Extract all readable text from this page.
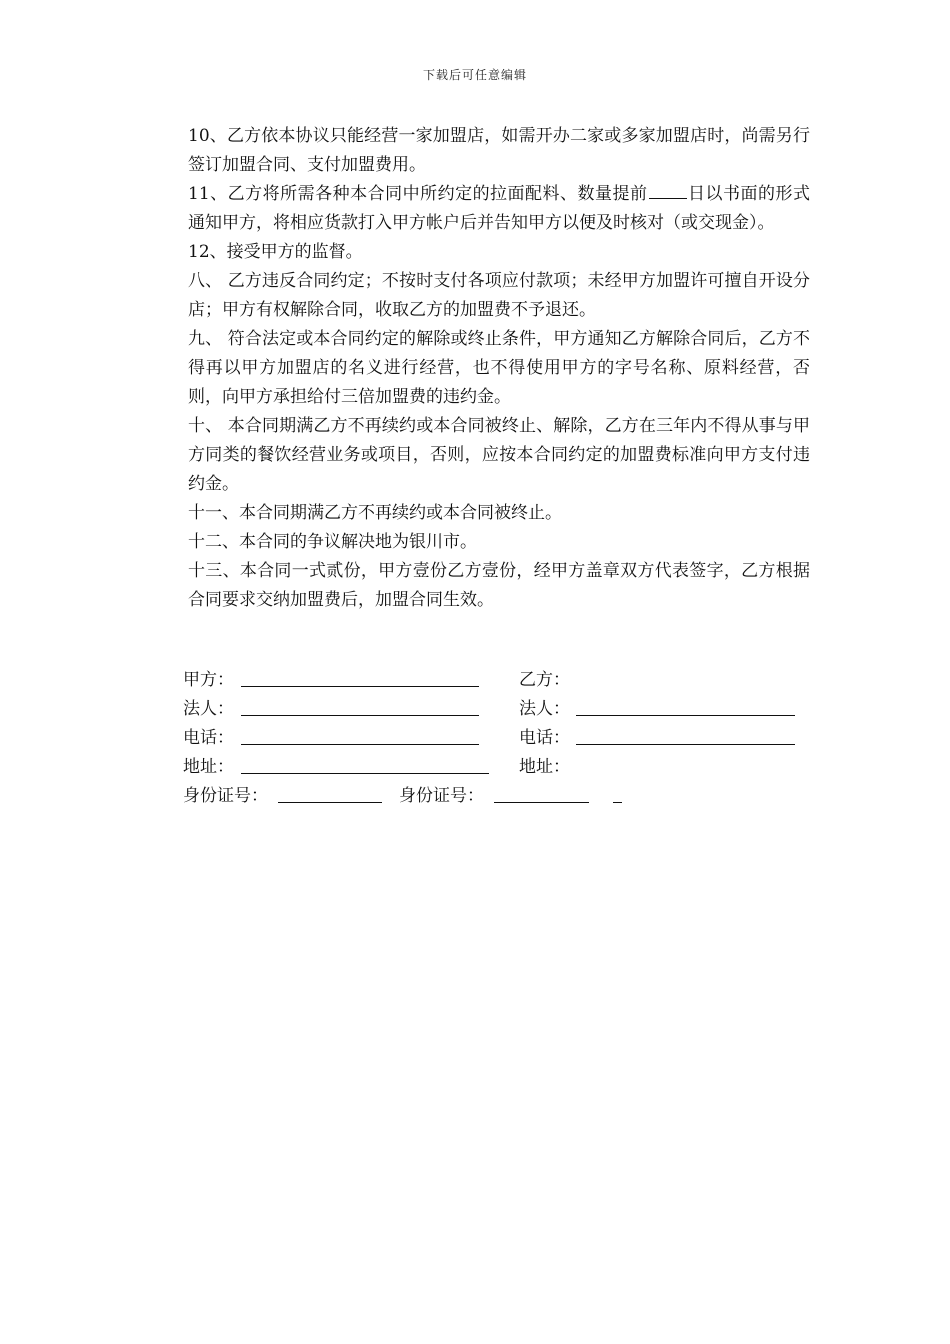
下载后可任意编辑

10、乙方依本协议只能经营一家加盟店，如需开办二家或多家加盟店时，尚需另行签订加盟合同、支付加盟费用。

11、乙方将所需各种本合同中所约定的拉面配料、数量提前 日以书面的形式通知甲方，将相应货款打入甲方帐户后并告知甲方以便及时核对（或交现金）。

12、接受甲方的监督。

八、 乙方违反合同约定；不按时支付各项应付款项；未经甲方加盟许可擅自开设分店；甲方有权解除合同，收取乙方的加盟费不予退还。

九、 符合法定或本合同约定的解除或终止条件，甲方通知乙方解除合同后，乙方不得再以甲方加盟店的名义进行经营，也不得使用甲方的字号名称、原料经营，否则，向甲方承担给付三倍加盟费的违约金。

十、 本合同期满乙方不再续约或本合同被终止、解除，乙方在三年内不得从事与甲方同类的餐饮经营业务或项目，否则，应按本合同约定的加盟费标准向甲方支付违约金。

十一、本合同期满乙方不再续约或本合同被终止。

十二、本合同的争议解决地为银川市。

十三、本合同一式贰份，甲方壹份乙方壹份，经甲方盖章双方代表签字，乙方根据合同要求交纳加盟费后，加盟合同生效。

甲方：	乙方：
法人：	法人：
电话：	电话：
地址：	地址：
身份证号：	身份证号：
